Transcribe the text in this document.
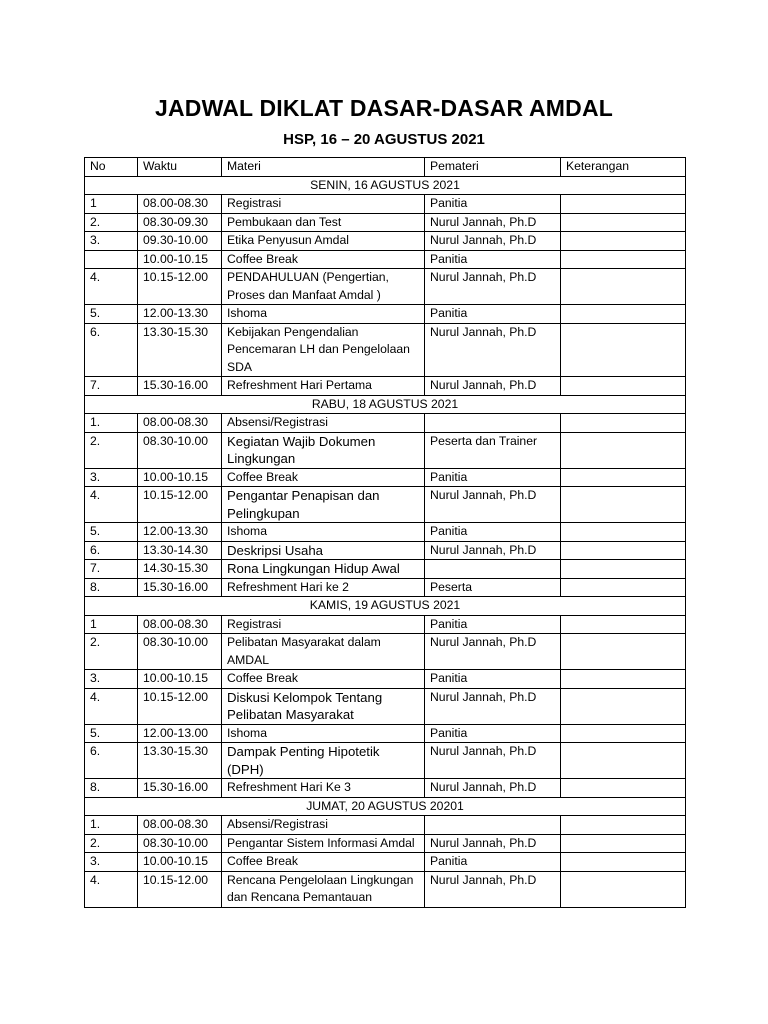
JADWAL DIKLAT DASAR-DASAR AMDAL
HSP, 16 – 20 AGUSTUS 2021
No	Waktu	Materi	Pemateri	Keterangan
SENIN, 16 AGUSTUS 2021				
1	08.00-08.30	Registrasi	Panitia	
2.	08.30-09.30	Pembukaan dan Test	Nurul Jannah, Ph.D	
3.	09.30-10.00	Etika Penyusun Amdal	Nurul Jannah, Ph.D	
	10.00-10.15	Coffee Break	Panitia	
4.	10.15-12.00	PENDAHULUAN (Pengertian, Proses dan Manfaat Amdal )	Nurul Jannah, Ph.D	
5.	12.00-13.30	Ishoma	Panitia	
6.	13.30-15.30	Kebijakan Pengendalian Pencemaran LH dan Pengelolaan SDA	Nurul Jannah, Ph.D	
7.	15.30-16.00	Refreshment Hari Pertama	Nurul Jannah, Ph.D	
RABU, 18 AGUSTUS 2021				
1.	08.00-08.30	Absensi/Registrasi		
2.	08.30-10.00	Kegiatan Wajib Dokumen Lingkungan	Peserta dan Trainer	
3.	10.00-10.15	Coffee Break	Panitia	
4.	10.15-12.00	Pengantar Penapisan dan Pelingkupan	Nurul Jannah, Ph.D	
5.	12.00-13.30	Ishoma	Panitia	
6.	13.30-14.30	Deskripsi Usaha	Nurul Jannah, Ph.D	
7.	14.30-15.30	Rona Lingkungan Hidup Awal		
8.	15.30-16.00	Refreshment Hari ke 2	Peserta	
KAMIS, 19 AGUSTUS 2021				
1	08.00-08.30	Registrasi	Panitia	
2.	08.30-10.00	Pelibatan Masyarakat dalam AMDAL	Nurul Jannah, Ph.D	
3.	10.00-10.15	Coffee Break	Panitia	
4.	10.15-12.00	Diskusi Kelompok Tentang Pelibatan Masyarakat	Nurul Jannah, Ph.D	
5.	12.00-13.00	Ishoma	Panitia	
6.	13.30-15.30	Dampak Penting Hipotetik (DPH)	Nurul Jannah, Ph.D	
8.	15.30-16.00	Refreshment Hari Ke 3	Nurul Jannah, Ph.D	
JUMAT, 20 AGUSTUS 20201				
1.	08.00-08.30	Absensi/Registrasi		
2.	08.30-10.00	Pengantar Sistem Informasi Amdal	Nurul Jannah, Ph.D	
3.	10.00-10.15	Coffee Break	Panitia	
4.	10.15-12.00	Rencana Pengelolaan Lingkungan dan Rencana Pemantauan	Nurul Jannah, Ph.D	
